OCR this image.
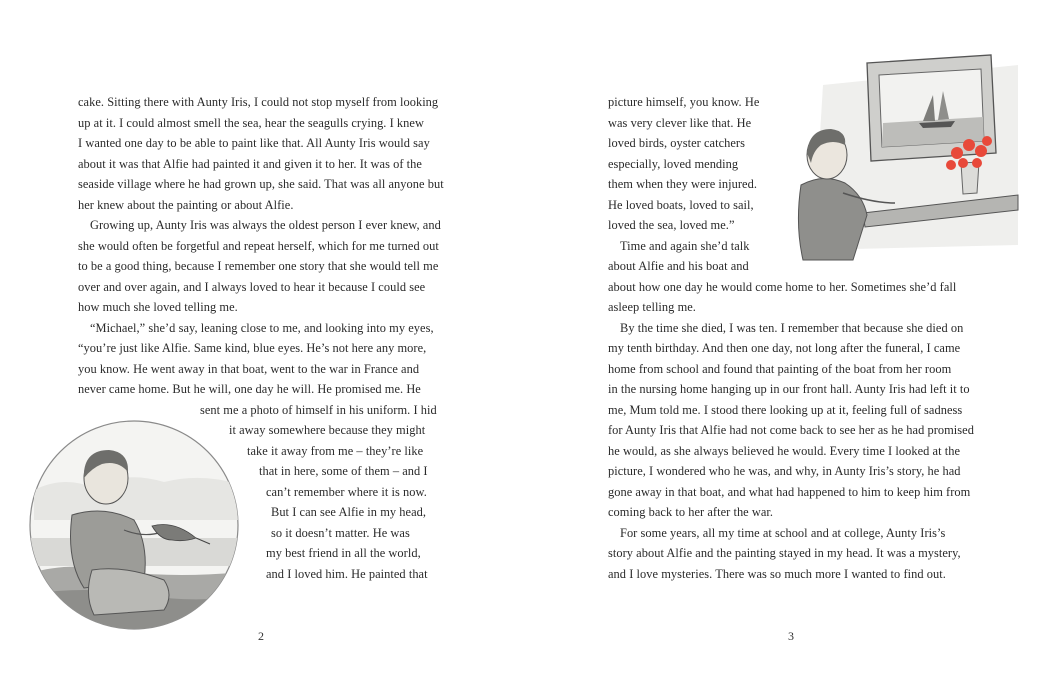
cake. Sitting there with Aunty Iris, I could not stop myself from looking
up at it. I could almost smell the sea, hear the seagulls crying. I knew
I wanted one day to be able to paint like that. All Aunty Iris would say
about it was that Alfie had painted it and given it to her. It was of the
seaside village where he had grown up, she said. That was all anyone but
her knew about the painting or about Alfie.
Growing up, Aunty Iris was always the oldest person I ever knew, and
she would often be forgetful and repeat herself, which for me turned out
to be a good thing, because I remember one story that she would tell me
over and over again, and I always loved to hear it because I could see
how much she loved telling me.
“Michael,” she’d say, leaning close to me, and looking into my eyes,
“you’re just like Alfie. Same kind, blue eyes. He’s not here any more,
you know. He went away in that boat, went to the war in France and
never came home. But he will, one day he will. He promised me. He
sent me a photo of himself in his uniform. I hid
it away somewhere because they might
take it away from me – they’re like
that in here, some of them – and I
can’t remember where it is now.
But I can see Alfie in my head,
so it doesn’t matter. He was
my best friend in all the world,
and I loved him. He painted that
2
picture himself, you know. He
was very clever like that. He
loved birds, oyster catchers
especially, loved mending
them when they were injured.
He loved boats, loved to sail,
loved the sea, loved me.”
Time and again she’d talk
about Alfie and his boat and
about how one day he would come home to her. Sometimes she’d fall
asleep telling me.
By the time she died, I was ten. I remember that because she died on
my tenth birthday. And then one day, not long after the funeral, I came
home from school and found that painting of the boat from her room
in the nursing home hanging up in our front hall. Aunty Iris had left it to
me, Mum told me. I stood there looking up at it, feeling full of sadness
for Aunty Iris that Alfie had not come back to see her as he had promised
he would, as she always believed he would. Every time I looked at the
picture, I wondered who he was, and why, in Aunty Iris’s story, he had
gone away in that boat, and what had happened to him to keep him from
coming back to her after the war.
For some years, all my time at school and at college, Aunty Iris’s
story about Alfie and the painting stayed in my head. It was a mystery,
and I love mysteries. There was so much more I wanted to find out.
3
